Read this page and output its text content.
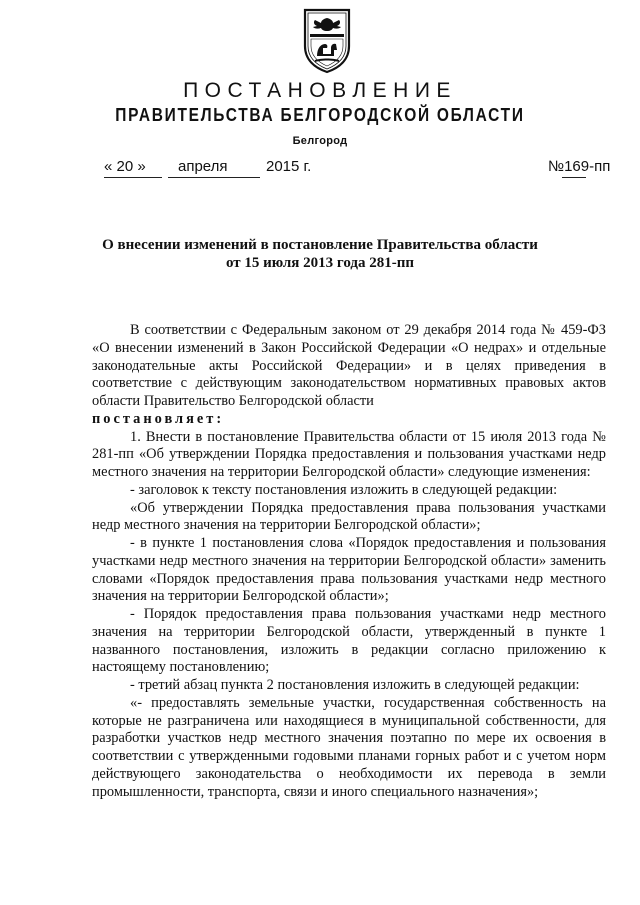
ПОСТАНОВЛЕНИЕ
ПРАВИТЕЛЬСТВА БЕЛГОРОДСКОЙ ОБЛАСТИ
Белгород
« 20 » апреля	2015 г.	№169-пп
О внесении изменений в постановление Правительства области
от 15 июля 2013 года 281-пп

В соответствии с Федеральным законом от 29 декабря 2014 года № 459-ФЗ «О внесении изменений в Закон Российской Федерации «О недрах» и отдельные законодательные акты Российской Федерации» и в целях приведения в соответствие с действующим законодательством нормативных правовых актов области Правительство Белгородской области

постановляет:

1. Внести в постановление Правительства области от 15 июля 2013 года № 281-пп «Об утверждении Порядка предоставления и пользования участками недр местного значения на территории Белгородской области» следующие изменения:

- заголовок к тексту постановления изложить в следующей редакции:

«Об утверждении Порядка предоставления права пользования участками недр местного значения на территории Белгородской области»;

- в пункте 1 постановления слова «Порядок предоставления и пользования участками недр местного значения на территории Белгородской области» заменить словами «Порядок предоставления права пользования участками недр местного значения на территории Белгородской области»;

- Порядок предоставления права пользования участками недр местного значения на территории Белгородской области, утвержденный в пункте 1 названного постановления, изложить в редакции согласно приложению к настоящему постановлению;

- третий абзац пункта 2 постановления изложить в следующей редакции:

«- предоставлять земельные участки, государственная собственность на которые не разграничена или находящиеся в муниципальной собственности, для разработки участков недр местного значения поэтапно по мере их освоения в соответствии с утвержденными годовыми планами горных работ и с учетом норм действующего законодательства о необходимости их перевода в земли промышленности, транспорта, связи и иного специального назначения»;
